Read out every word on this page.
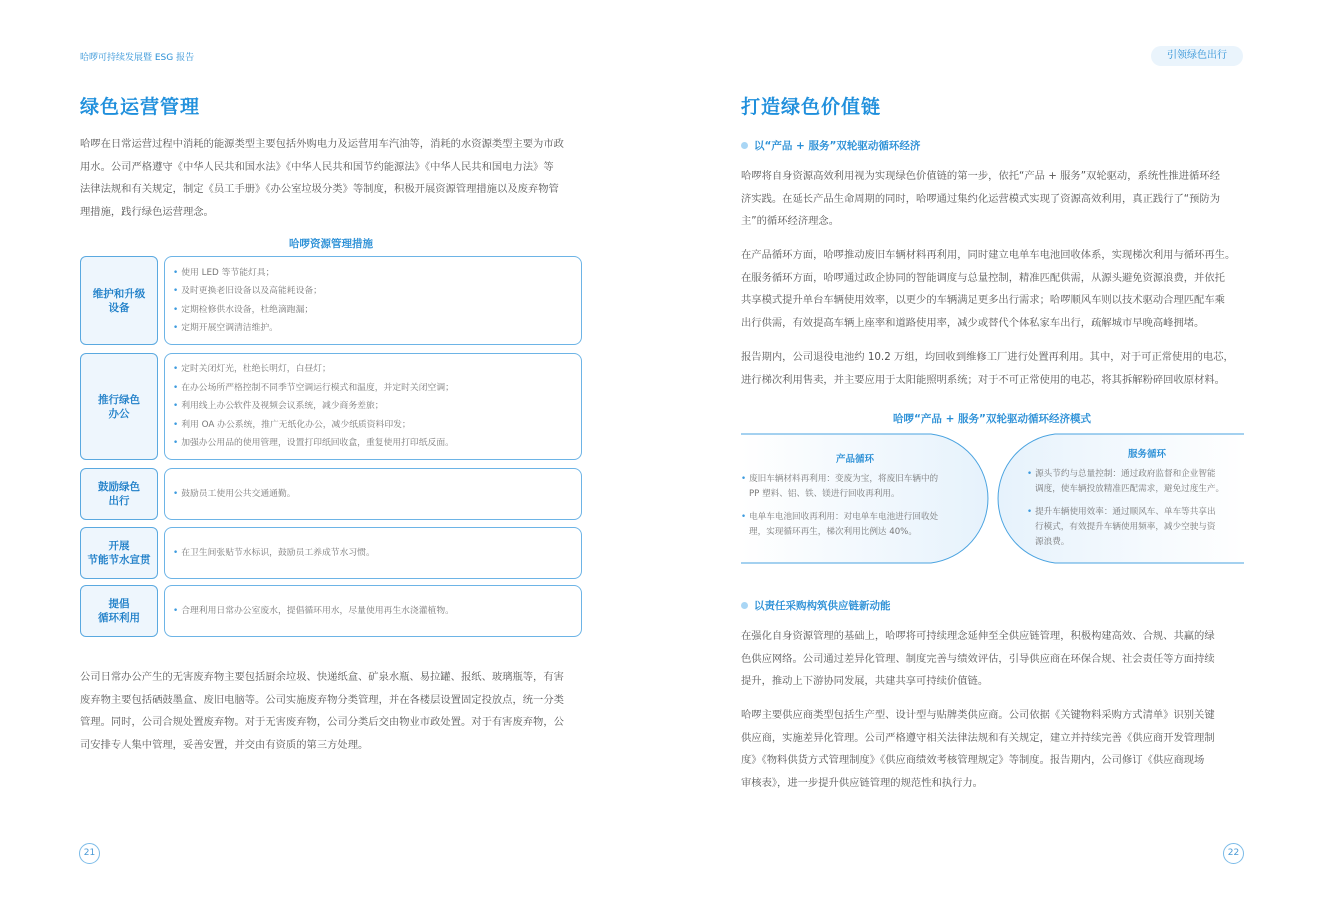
哈啰可持续发展暨 ESG 报告
绿色运营管理
哈啰在日常运营过程中消耗的能源类型主要包括外购电力及运营用车汽油等，消耗的水资源类型主要为市政
用水。公司严格遵守《中华人民共和国水法》《中华人民共和国节约能源法》《中华人民共和国电力法》等
法律法规和有关规定，制定《员工手册》《办公室垃圾分类》等制度，积极开展资源管理措施以及废弃物管
理措施，践行绿色运营理念。
哈啰资源管理措施
维护和升级
设备
• 使用 LED 等节能灯具；
• 及时更换老旧设备以及高能耗设备；
• 定期检修供水设备，杜绝滴跑漏；
• 定期开展空调清洁维护。
推行绿色
办公
• 定时关闭灯光，杜绝长明灯，白昼灯；
• 在办公场所严格控制不同季节空调运行模式和温度，并定时关闭空调；
• 利用线上办公软件及视频会议系统，减少商务差旅；
• 利用 OA 办公系统，推广无纸化办公，减少纸质资料印发；
• 加强办公用品的使用管理，设置打印纸回收盒，重复使用打印纸反面。
鼓励绿色
出行
• 鼓励员工使用公共交通通勤。
开展
节能节水宣贯
• 在卫生间张贴节水标识，鼓励员工养成节水习惯。
提倡
循环利用
• 合理利用日常办公室废水，提倡循环用水，尽量使用再生水浇灌植物。
公司日常办公产生的无害废弃物主要包括厨余垃圾、快递纸盒、矿泉水瓶、易拉罐、报纸、玻璃瓶等，有害
废弃物主要包括硒鼓墨盒、废旧电脑等。公司实施废弃物分类管理，并在各楼层设置固定投放点，统一分类
管理。同时，公司合规处置废弃物。对于无害废弃物，公司分类后交由物业市政处置。对于有害废弃物，公
司安排专人集中管理，妥善安置，并交由有资质的第三方处理。
21
引领绿色出行
打造绿色价值链
以“产品 + 服务”双轮驱动循环经济
哈啰将自身资源高效利用视为实现绿色价值链的第一步，依托“产品 + 服务”双轮驱动，系统性推进循环经
济实践。在延长产品生命周期的同时，哈啰通过集约化运营模式实现了资源高效利用，真正践行了“预防为
主”的循环经济理念。
在产品循环方面，哈啰推动废旧车辆材料再利用，同时建立电单车电池回收体系，实现梯次利用与循环再生。
在服务循环方面，哈啰通过政企协同的智能调度与总量控制，精准匹配供需，从源头避免资源浪费，并依托
共享模式提升单台车辆使用效率，以更少的车辆满足更多出行需求；哈啰顺风车则以技术驱动合理匹配车乘
出行供需，有效提高车辆上座率和道路使用率，减少或替代个体私家车出行，疏解城市早晚高峰拥堵。
报告期内，公司退役电池约 10.2 万组，均回收到维修工厂进行处置再利用。其中，对于可正常使用的电芯，
进行梯次利用售卖，并主要应用于太阳能照明系统；对于不可正常使用的电芯，将其拆解粉碎回收原材料。
哈啰“产品 + 服务”双轮驱动循环经济模式
产品循环
• 废旧车辆材料再利用：变废为宝，将废旧车辆中的
PP 塑料、铝、铁、镁进行回收再利用。
• 电单车电池回收再利用：对电单车电池进行回收处
理，实现循环再生，梯次利用比例达 40%。
服务循环
• 源头节约与总量控制：通过政府监督和企业智能
调度，使车辆投放精准匹配需求，避免过度生产。
• 提升车辆使用效率：通过顺风车、单车等共享出
行模式，有效提升车辆使用频率，减少空驶与资
源浪费。
以责任采购构筑供应链新动能
在强化自身资源管理的基础上，哈啰将可持续理念延伸至全供应链管理，积极构建高效、合规、共赢的绿
色供应网络。公司通过差异化管理、制度完善与绩效评估，引导供应商在环保合规、社会责任等方面持续
提升，推动上下游协同发展，共建共享可持续价值链。
哈啰主要供应商类型包括生产型、设计型与贴牌类供应商。公司依据《关键物料采购方式清单》识别关键
供应商，实施差异化管理。公司严格遵守相关法律法规和有关规定，建立并持续完善《供应商开发管理制
度》《物料供货方式管理制度》《供应商绩效考核管理规定》等制度。报告期内，公司修订《供应商现场
审核表》，进一步提升供应链管理的规范性和执行力。
22
